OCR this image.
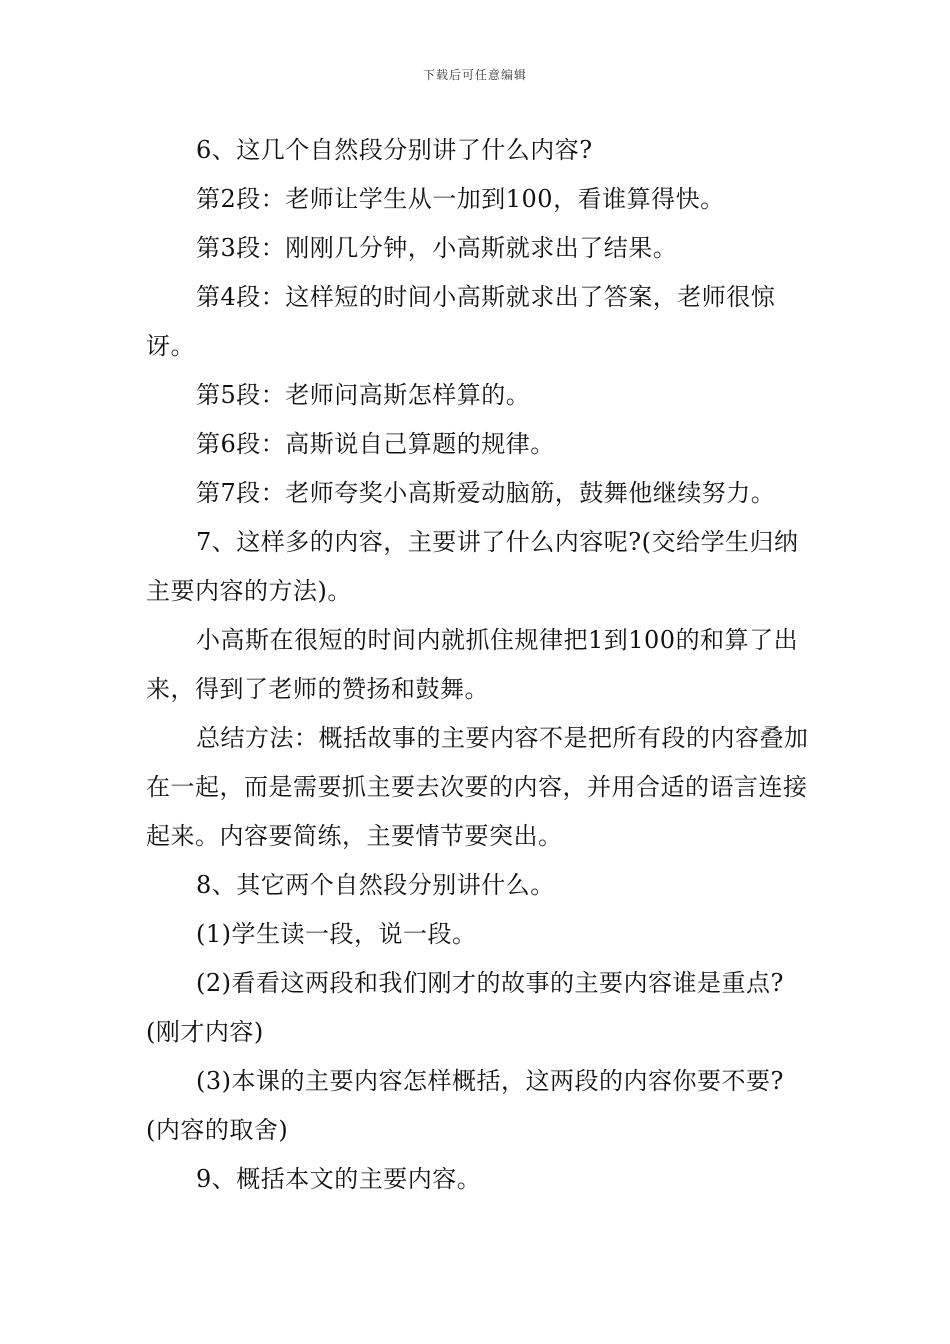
下载后可任意编辑

6、这几个自然段分别讲了什么内容?

第2段：老师让学生从一加到100，看谁算得快。

第3段：刚刚几分钟，小高斯就求出了结果。

第4段：这样短的时间小高斯就求出了答案，老师很惊讶。

第5段：老师问高斯怎样算的。

第6段：高斯说自己算题的规律。

第7段：老师夸奖小高斯爱动脑筋，鼓舞他继续努力。

7、这样多的内容，主要讲了什么内容呢?(交给学生归纳主要内容的方法)。

小高斯在很短的时间内就抓住规律把1到100的和算了出来，得到了老师的赞扬和鼓舞。

总结方法：概括故事的主要内容不是把所有段的内容叠加在一起，而是需要抓主要去次要的内容，并用合适的语言连接起来。内容要简练，主要情节要突出。

8、其它两个自然段分别讲什么。

(1)学生读一段，说一段。

(2)看看这两段和我们刚才的故事的主要内容谁是重点?(刚才内容)

(3)本课的主要内容怎样概括，这两段的内容你要不要?(内容的取舍)

9、概括本文的主要内容。
